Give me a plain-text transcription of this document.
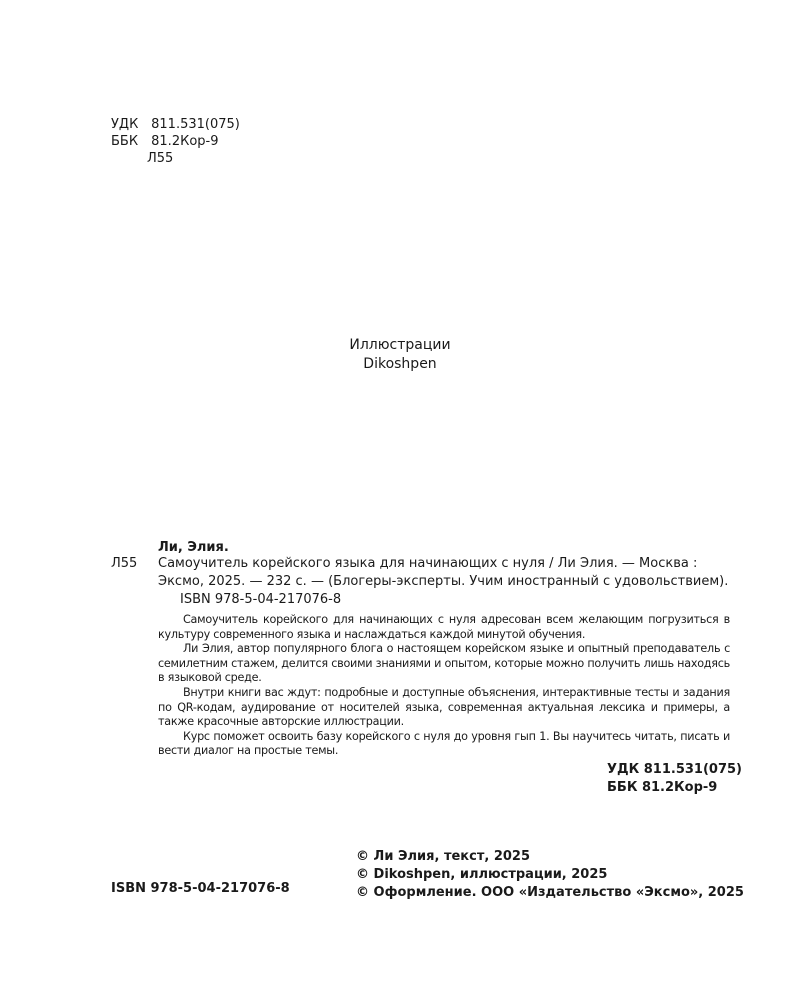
УДК 811.531(075)
ББК 81.2Кор-9
Л55
Иллюстрации
Dikoshpen
Ли, Элия.
Л55 Самоучитель корейского языка для начинающих с нуля / Ли Элия. — Москва : Эксмо, 2025. — 232 с. — (Блогеры-эксперты. Учим иностранный с удовольствием).
ISBN 978-5-04-217076-8

Самоучитель корейского для начинающих с нуля адресован всем желающим погрузиться в культуру современного языка и наслаждаться каждой минутой обучения.

Ли Элия, автор популярного блога о настоящем корейском языке и опытный преподаватель с семилетним стажем, делится своими знаниями и опытом, которые можно получить лишь находясь в языковой среде.

Внутри книги вас ждут: подробные и доступные объяснения, интерактивные тесты и задания по QR-кодам, аудирование от носителей языка, современная актуальная лексика и примеры, а также красочные авторские иллюстрации.

Курс поможет освоить базу корейского с нуля до уровня гып 1. Вы научитесь читать, писать и вести диалог на простые темы.

УДК 811.531(075)
ББК 81.2Кор-9
© Ли Элия, текст, 2025
© Dikoshpen, иллюстрации, 2025
© Оформление. ООО «Издательство «Эксмо», 2025
ISBN 978-5-04-217076-8
